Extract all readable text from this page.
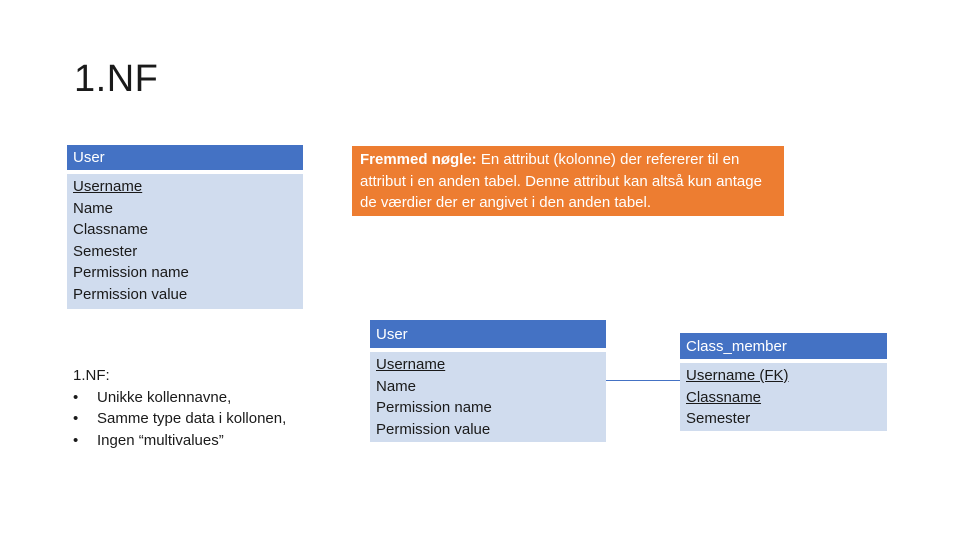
1.NF
User
Username
Name
Classname
Semester
Permission name
Permission value
Fremmed nøgle: En attribut (kolonne) der refererer til en attribut i en anden tabel. Denne attribut kan altså kun antage de værdier der er angivet i den anden tabel.
1.NF:
•	Unikke kollennavne,
•	Samme type data i kollonen,
•	Ingen “multivalues”
User
Username
Name
Permission name
Permission value
Class_member
Username (FK)
Classname
Semester
